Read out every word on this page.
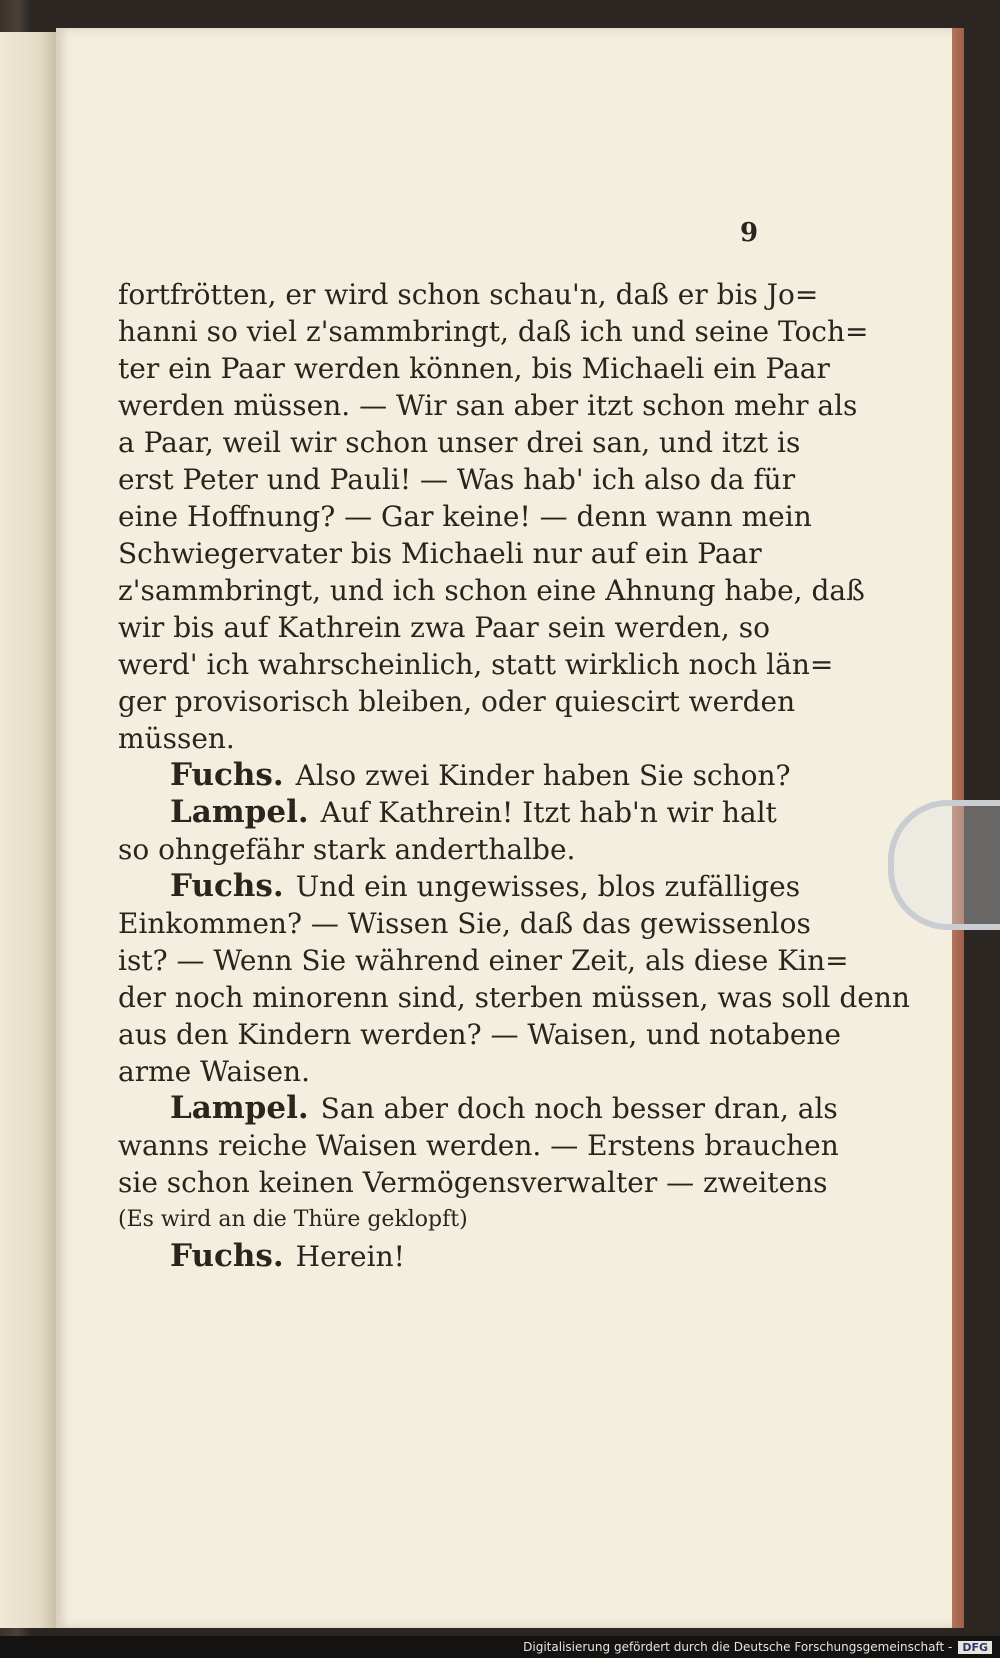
9
fortfrötten, er wird schon schau'n, daß er bis Jo=
hanni so viel z'sammbringt, daß ich und seine Toch=
ter ein Paar werden können, bis Michaeli ein Paar
werden müssen. — Wir san aber itzt schon mehr als
a Paar, weil wir schon unser drei san, und itzt is
erst Peter und Pauli! — Was hab' ich also da für
eine Hoffnung? — Gar keine! — denn wann mein
Schwiegervater bis Michaeli nur auf ein Paar
z'sammbringt, und ich schon eine Ahnung habe, daß
wir bis auf Kathrein zwa Paar sein werden, so
werd' ich wahrscheinlich, statt wirklich noch län=
ger provisorisch bleiben, oder quiescirt werden
müssen.
Fuchs. Also zwei Kinder haben Sie schon?
Lampel. Auf Kathrein! Itzt hab'n wir halt
so ohngefähr stark anderthalbe.
Fuchs. Und ein ungewisses, blos zufälliges
Einkommen? — Wissen Sie, daß das gewissenlos
ist? — Wenn Sie während einer Zeit, als diese Kin=
der noch minorenn sind, sterben müssen, was soll denn
aus den Kindern werden? — Waisen, und notabene
arme Waisen.
Lampel. San aber doch noch besser dran, als
wanns reiche Waisen werden. — Erstens brauchen
sie schon keinen Vermögensverwalter — zweitens
(Es wird an die Thüre geklopft)
Fuchs. Herein!
Digitalisierung gefördert durch die Deutsche Forschungsgemeinschaft - DFG
